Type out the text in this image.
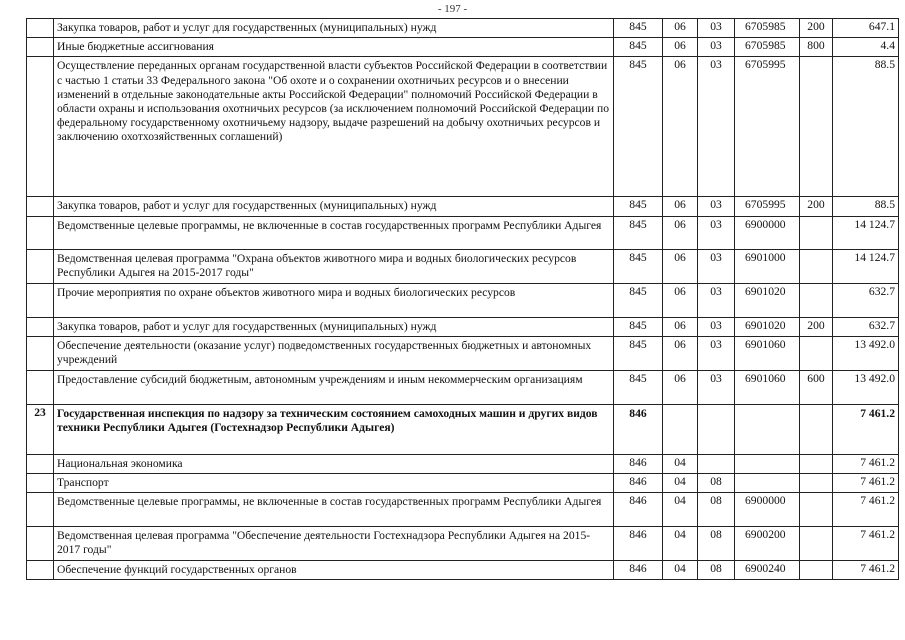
- 197 -
	Закупка товаров, работ и услуг для государственных (муниципальных) нужд	845	06	03	6705985	200	647.1
	Иные бюджетные ассигнования	845	06	03	6705985	800	4.4
	Осуществление переданных органам государственной власти субъектов Российской Федерации в соответствии с частью 1 статьи 33 Федерального закона "Об охоте и о сохранении охотничьих ресурсов и о внесении изменений в отдельные законодательные акты Российской Федерации" полномочий Российской Федерации в области охраны и использования охотничьих ресурсов (за исключением полномочий Российской Федерации по федеральному государственному охотничьему надзору, выдаче разрешений на добычу охотничьих ресурсов и заключению охотхозяйственных соглашений)	845	06	03	6705995		88.5
	Закупка товаров, работ и услуг для государственных (муниципальных) нужд	845	06	03	6705995	200	88.5
	Ведомственные целевые программы, не включенные в состав государственных программ Республики Адыгея	845	06	03	6900000		14 124.7
	Ведомственная целевая программа "Охрана объектов животного мира и водных биологических ресурсов Республики Адыгея на 2015-2017 годы"	845	06	03	6901000		14 124.7
	Прочие мероприятия по охране объектов животного мира и водных биологических ресурсов	845	06	03	6901020		632.7
	Закупка товаров, работ и услуг для государственных (муниципальных) нужд	845	06	03	6901020	200	632.7
	Обеспечение деятельности (оказание услуг) подведомственных государственных бюджетных и автономных учреждений	845	06	03	6901060		13 492.0
	Предоставление субсидий бюджетным, автономным учреждениям и иным некоммерческим организациям	845	06	03	6901060	600	13 492.0
23	Государственная инспекция по надзору за техническим состоянием самоходных машин и других видов техники Республики Адыгея (Гостехнадзор Республики Адыгея)	846					7 461.2
	Национальная экономика	846	04				7 461.2
	Транспорт	846	04	08			7 461.2
	Ведомственные целевые программы, не включенные в состав государственных программ Республики Адыгея	846	04	08	6900000		7 461.2
	Ведомственная целевая программа "Обеспечение деятельности Гостехнадзора Республики Адыгея на 2015-2017 годы"	846	04	08	6900200		7 461.2
	Обеспечение функций государственных органов	846	04	08	6900240		7 461.2
